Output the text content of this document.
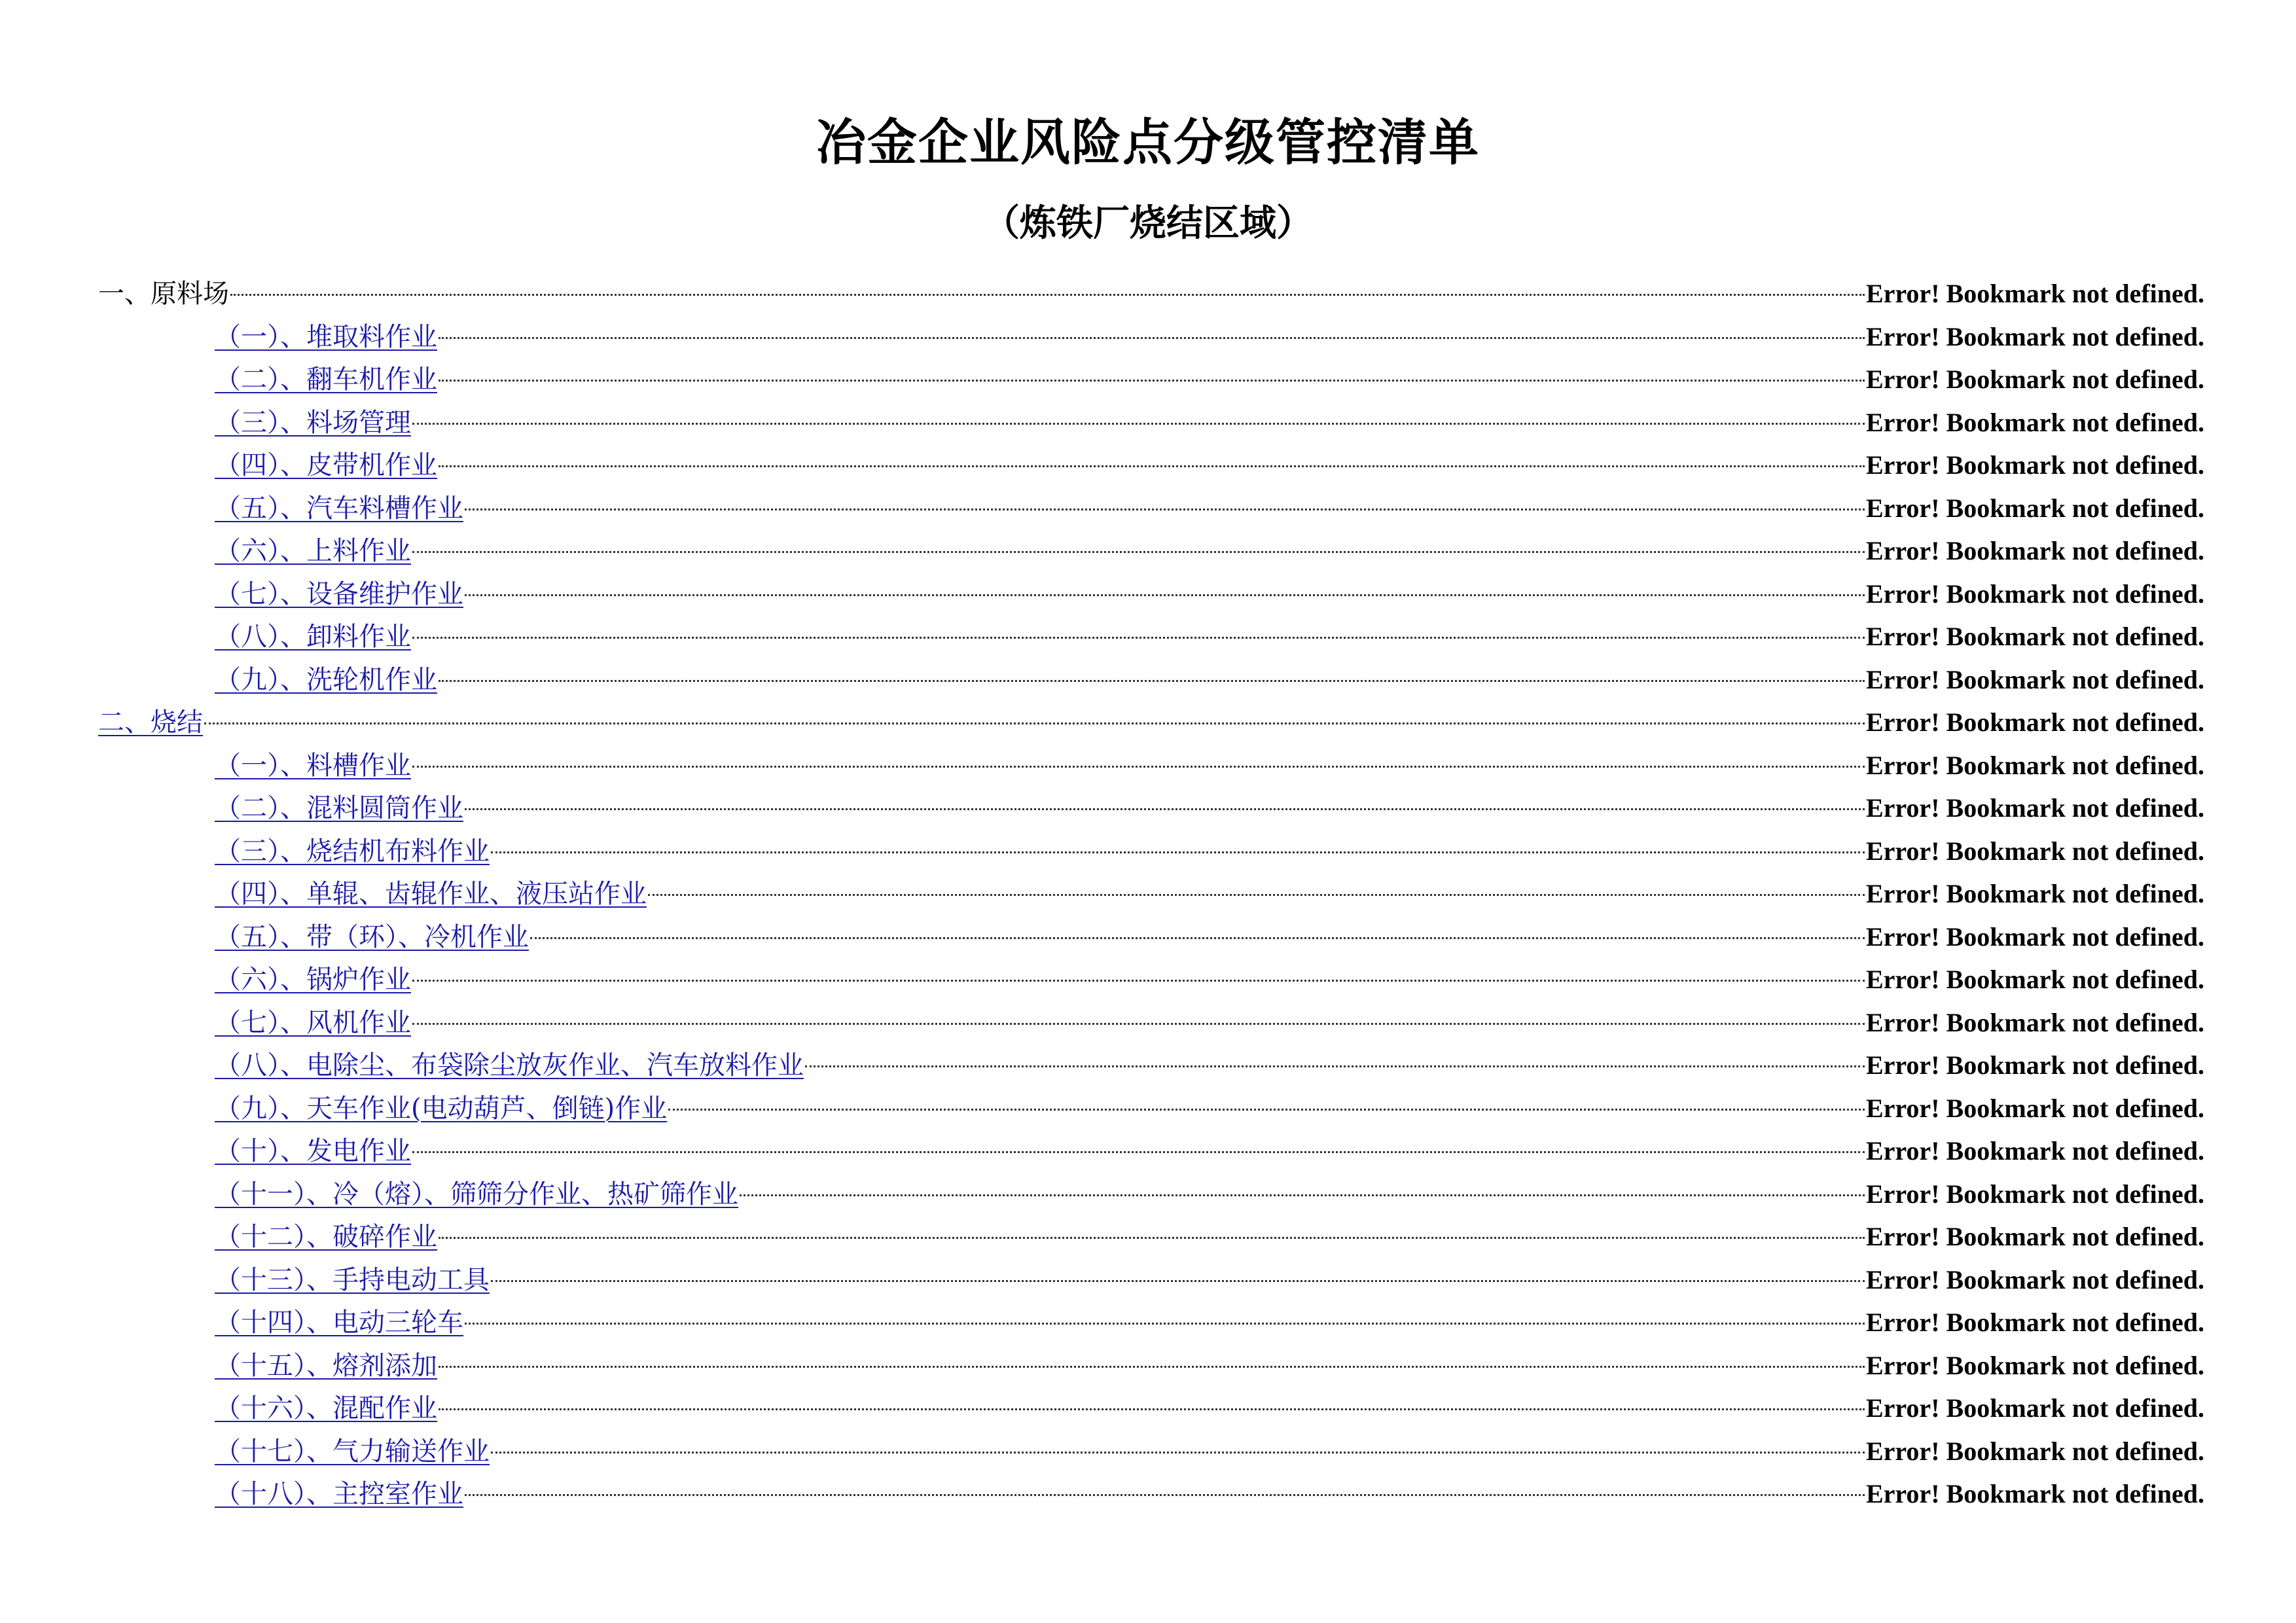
冶金企业风险点分级管控清单
（炼铁厂烧结区域）
一、原料场	Error! Bookmark not defined.
（一）、堆取料作业	Error! Bookmark not defined.
（二）、翻车机作业	Error! Bookmark not defined.
（三）、料场管理	Error! Bookmark not defined.
（四）、皮带机作业	Error! Bookmark not defined.
（五）、汽车料槽作业	Error! Bookmark not defined.
（六）、上料作业	Error! Bookmark not defined.
（七）、设备维护作业	Error! Bookmark not defined.
（八）、卸料作业	Error! Bookmark not defined.
（九）、洗轮机作业	Error! Bookmark not defined.
二、烧结	Error! Bookmark not defined.
（一）、料槽作业	Error! Bookmark not defined.
（二）、混料圆筒作业	Error! Bookmark not defined.
（三）、烧结机布料作业	Error! Bookmark not defined.
（四）、单辊、齿辊作业、液压站作业	Error! Bookmark not defined.
（五）、带（环）、冷机作业	Error! Bookmark not defined.
（六）、锅炉作业	Error! Bookmark not defined.
（七）、风机作业	Error! Bookmark not defined.
（八）、电除尘、布袋除尘放灰作业、汽车放料作业	Error! Bookmark not defined.
（九）、天车作业(电动葫芦、倒链)作业	Error! Bookmark not defined.
（十）、发电作业	Error! Bookmark not defined.
（十一）、冷（熔）、筛筛分作业、热矿筛作业	Error! Bookmark not defined.
（十二）、破碎作业	Error! Bookmark not defined.
（十三）、手持电动工具	Error! Bookmark not defined.
（十四）、电动三轮车	Error! Bookmark not defined.
（十五）、熔剂添加	Error! Bookmark not defined.
（十六）、混配作业	Error! Bookmark not defined.
（十七）、气力输送作业	Error! Bookmark not defined.
（十八）、主控室作业	Error! Bookmark not defined.
